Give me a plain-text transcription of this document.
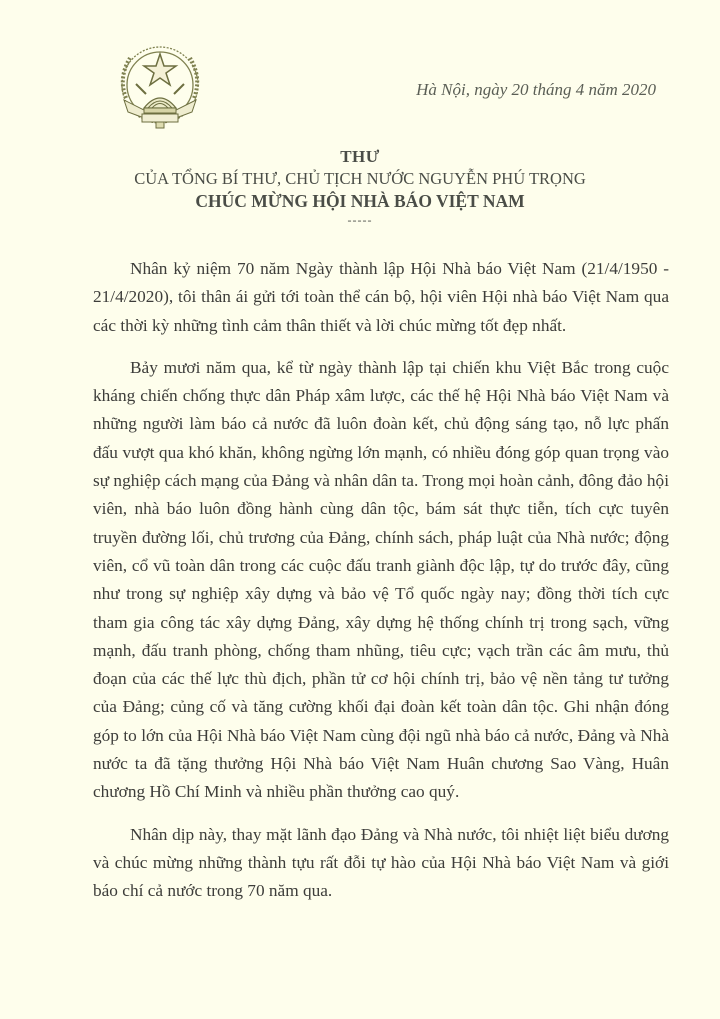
Hà Nội, ngày 20 tháng 4 năm 2020
THƯ
CỦA TỔNG BÍ THƯ, CHỦ TỊCH NƯỚC NGUYỄN PHÚ TRỌNG
CHÚC MỪNG HỘI NHÀ BÁO VIỆT NAM
-----

Nhân kỷ niệm 70 năm Ngày thành lập Hội Nhà báo Việt Nam (21/4/1950 - 21/4/2020), tôi thân ái gửi tới toàn thể cán bộ, hội viên Hội nhà báo Việt Nam qua các thời kỳ những tình cảm thân thiết và lời chúc mừng tốt đẹp nhất.

Bảy mươi năm qua, kể từ ngày thành lập tại chiến khu Việt Bắc trong cuộc kháng chiến chống thực dân Pháp xâm lược, các thế hệ Hội Nhà báo Việt Nam và những người làm báo cả nước đã luôn đoàn kết, chủ động sáng tạo, nỗ lực phấn đấu vượt qua khó khăn, không ngừng lớn mạnh, có nhiều đóng góp quan trọng vào sự nghiệp cách mạng của Đảng và nhân dân ta. Trong mọi hoàn cảnh, đông đảo hội viên, nhà báo luôn đồng hành cùng dân tộc, bám sát thực tiễn, tích cực tuyên truyền đường lối, chủ trương của Đảng, chính sách, pháp luật của Nhà nước; động viên, cổ vũ toàn dân trong các cuộc đấu tranh giành độc lập, tự do trước đây, cũng như trong sự nghiệp xây dựng và bảo vệ Tổ quốc ngày nay; đồng thời tích cực tham gia công tác xây dựng Đảng, xây dựng hệ thống chính trị trong sạch, vững mạnh, đấu tranh phòng, chống tham nhũng, tiêu cực; vạch trần các âm mưu, thủ đoạn của các thế lực thù địch, phần tử cơ hội chính trị, bảo vệ nền tảng tư tưởng của Đảng; củng cố và tăng cường khối đại đoàn kết toàn dân tộc. Ghi nhận đóng góp to lớn của Hội Nhà báo Việt Nam cùng đội ngũ nhà báo cả nước, Đảng và Nhà nước ta đã tặng thưởng Hội Nhà báo Việt Nam Huân chương Sao Vàng, Huân chương Hồ Chí Minh và nhiều phần thưởng cao quý.

Nhân dịp này, thay mặt lãnh đạo Đảng và Nhà nước, tôi nhiệt liệt biểu dương và chúc mừng những thành tựu rất đỗi tự hào của Hội Nhà báo Việt Nam và giới báo chí cả nước trong 70 năm qua.
